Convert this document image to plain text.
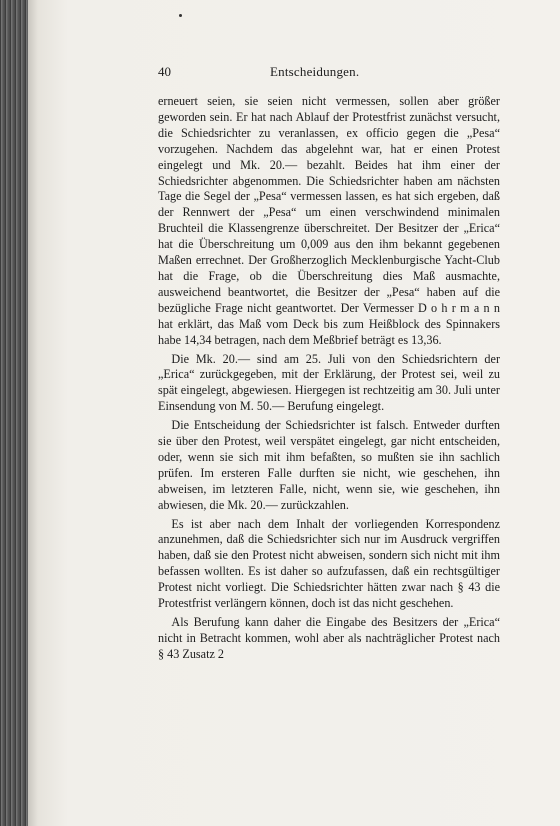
40	Entscheidungen.

erneuert seien, sie seien nicht vermessen, sollen aber größer geworden sein. Er hat nach Ablauf der Protestfrist zunächst versucht, die Schiedsrichter zu veranlassen, ex officio gegen die „Pesa“ vorzugehen. Nachdem das abgelehnt war, hat er einen Protest eingelegt und Mk. 20.— bezahlt. Beides hat ihm einer der Schiedsrichter abgenommen. Die Schiedsrichter haben am nächsten Tage die Segel der „Pesa“ vermessen lassen, es hat sich ergeben, daß der Rennwert der „Pesa“ um einen verschwindend minimalen Bruchteil die Klassengrenze überschreitet. Der Besitzer der „Erica“ hat die Überschreitung um 0,009 aus den ihm bekannt gegebenen Maßen errechnet. Der Großherzoglich Mecklenburgische Yacht-Club hat die Frage, ob die Überschreitung dies Maß ausmachte, ausweichend beantwortet, die Besitzer der „Pesa“ haben auf die bezügliche Frage nicht geantwortet. Der Vermesser D o h r m a n n hat erklärt, das Maß vom Deck bis zum Heißblock des Spinnakers habe 14,34 betragen, nach dem Meßbrief beträgt es 13,36.

Die Mk. 20.— sind am 25. Juli von den Schiedsrichtern der „Erica“ zurückgegeben, mit der Erklärung, der Protest sei, weil zu spät eingelegt, abgewiesen. Hiergegen ist rechtzeitig am 30. Juli unter Einsendung von M. 50.— Berufung eingelegt.

Die Entscheidung der Schiedsrichter ist falsch. Entweder durften sie über den Protest, weil verspätet eingelegt, gar nicht entscheiden, oder, wenn sie sich mit ihm befaßten, so mußten sie ihn sachlich prüfen. Im ersteren Falle durften sie nicht, wie geschehen, ihn abweisen, im letzteren Falle, nicht, wenn sie, wie geschehen, ihn abwiesen, die Mk. 20.— zurückzahlen.

Es ist aber nach dem Inhalt der vorliegenden Korrespondenz anzunehmen, daß die Schiedsrichter sich nur im Ausdruck vergriffen haben, daß sie den Protest nicht abweisen, sondern sich nicht mit ihm befassen wollten. Es ist daher so aufzufassen, daß ein rechtsgültiger Protest nicht vorliegt. Die Schiedsrichter hätten zwar nach § 43 die Protestfrist verlängern können, doch ist das nicht geschehen.

Als Berufung kann daher die Eingabe des Besitzers der „Erica“ nicht in Betracht kommen, wohl aber als nachträglicher Protest nach § 43 Zusatz 2
